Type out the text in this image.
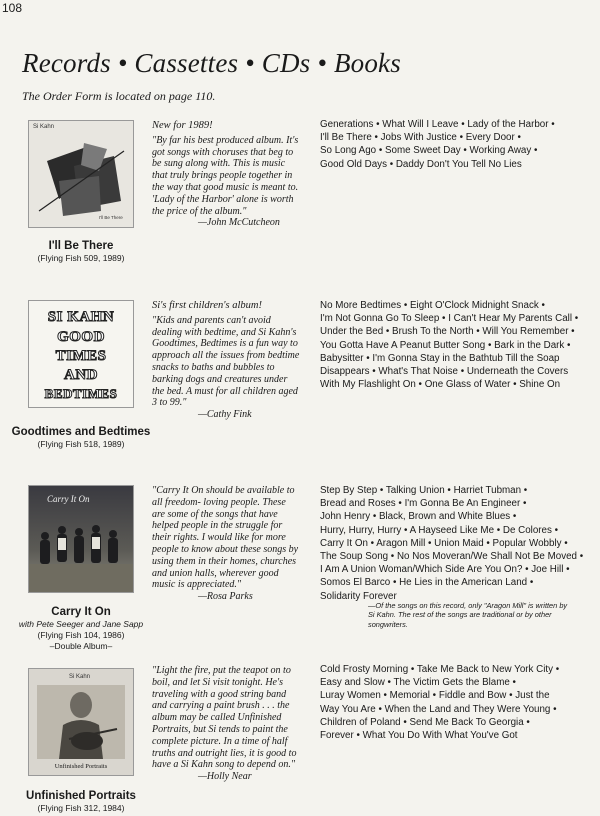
108
Records • Cassettes • CDs • Books
The Order Form is located on page 110.
Si Kahn
I'll Be There
I'll Be There
(Flying Fish 509, 1989)
New for 1989!
"By far his best produced album. It's got songs with choruses that beg to be sung along with. This is music that truly brings people together in the way that good music is meant to. 'Lady of the Harbor' alone is worth the price of the album."
—John McCutcheon
Generations • What Will I Leave • Lady of the Harbor •
I'll Be There • Jobs With Justice • Every Door •
So Long Ago • Some Sweet Day • Working Away •
Good Old Days • Daddy Don't You Tell No Lies
SI KAHN
GOOD
TIMES
AND
BEDTIMES
Goodtimes and Bedtimes
(Flying Fish 518, 1989)
Si's first children's album!
"Kids and parents can't avoid dealing with bedtime, and Si Kahn's Goodtimes, Bedtimes is a fun way to approach all the issues from bedtime snacks to baths and bubbles to barking dogs and creatures under the bed. A must for all children aged 3 to 99."
—Cathy Fink
No More Bedtimes • Eight O'Clock Midnight Snack •
I'm Not Gonna Go To Sleep • I Can't Hear My Parents Call •
Under the Bed • Brush To the North • Will You Remember •
You Gotta Have A Peanut Butter Song • Bark in the Dark •
Babysitter • I'm Gonna Stay in the Bathtub Till the Soap
Disappears • What's That Noise • Underneath the Covers
With My Flashlight On • One Glass of Water • Shine On
Carry It On
Carry It On
with Pete Seeger and Jane Sapp
(Flying Fish 104, 1986)
–Double Album–
"Carry It On should be available to all freedom- loving people. These are some of the songs that have helped people in the struggle for their rights. I would like for more people to know about these songs by using them in their homes, churches and union halls, wherever good music is appreciated."
—Rosa Parks
Step By Step • Talking Union • Harriet Tubman •
Bread and Roses • I'm Gonna Be An Engineer •
John Henry • Black, Brown and White Blues •
Hurry, Hurry, Hurry • A Hayseed Like Me • De Colores •
Carry It On • Aragon Mill • Union Maid • Popular Wobbly •
The Soup Song • No Nos Moveran/We Shall Not Be Moved •
I Am A Union Woman/Which Side Are You On? • Joe Hill •
Somos El Barco • He Lies in the American Land •
Solidarity Forever
—Of the songs on this record, only "Aragon Mill" is written by Si Kahn. The rest of the songs are traditional or by other songwriters.
Si Kahn
Unfinished Portraits
Unfinished Portraits
(Flying Fish 312, 1984)
"Light the fire, put the teapot on to boil, and let Si visit tonight. He's traveling with a good string band and carrying a paint brush . . . the album may be called Unfinished Portraits, but Si tends to paint the complete picture. In a time of half truths and outright lies, it is good to have a Si Kahn song to depend on."
—Holly Near
Cold Frosty Morning • Take Me Back to New York City •
Easy and Slow • The Victim Gets the Blame •
Luray Women • Memorial • Fiddle and Bow • Just the
Way You Are • When the Land and They Were Young •
Children of Poland • Send Me Back To Georgia •
Forever • What You Do With What You've Got
